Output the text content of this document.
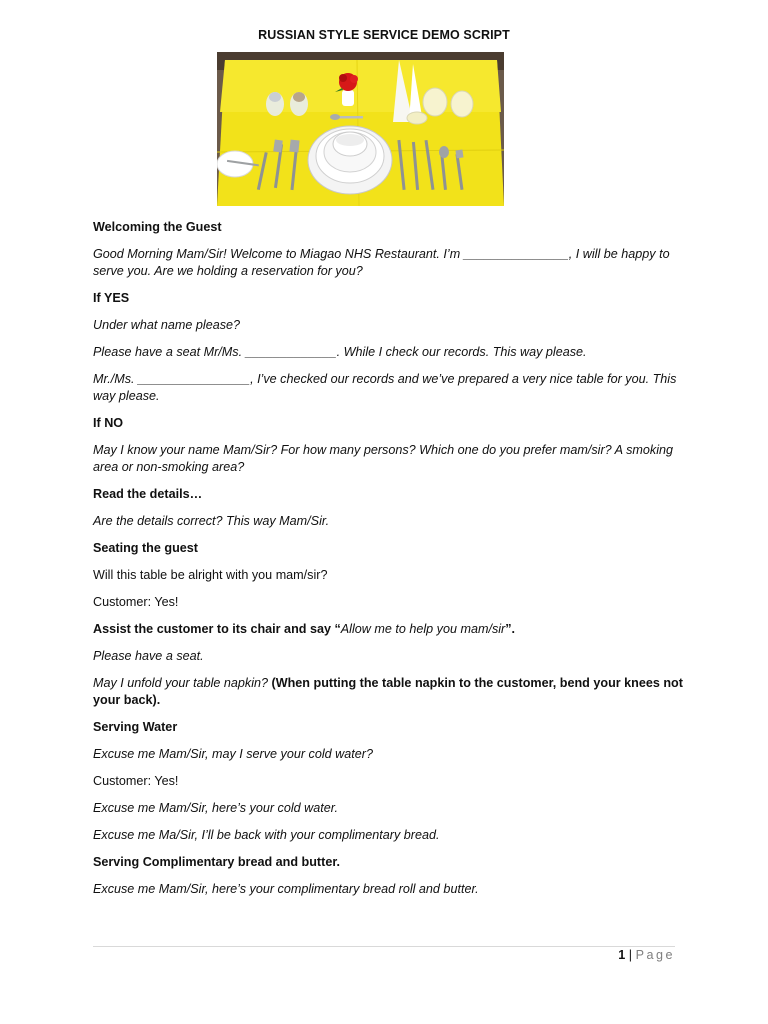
RUSSIAN STYLE SERVICE DEMO SCRIPT

Welcoming the Guest

Good Morning Mam/Sir! Welcome to Miagao NHS Restaurant. I’m _______________, I will be happy to serve you. Are we holding a reservation for you?

If YES

Under what name please?

Please have a seat Mr/Ms. _____________. While I check our records. This way please.

Mr./Ms. ________________, I’ve checked our records and we’ve prepared a very nice table for you. This way please.

If NO

May I know your name Mam/Sir? For how many persons? Which one do you prefer mam/sir? A smoking area or non-smoking area?

Read the details…

Are the details correct? This way Mam/Sir.

Seating the guest

Will this table be alright with you mam/sir?

Customer: Yes!

Assist the customer to its chair and say “Allow me to help you mam/sir”.

Please have a seat.

May I unfold your table napkin? (When putting the table napkin to the customer, bend your knees not your back).

Serving Water

Excuse me Mam/Sir, may I serve your cold water?

Customer: Yes!

Excuse me Mam/Sir, here’s your cold water.

Excuse me Ma/Sir, I’ll be back with your complimentary bread.

Serving Complimentary bread and butter.

Excuse me Mam/Sir, here’s your complimentary bread roll and butter.

1 | Page
